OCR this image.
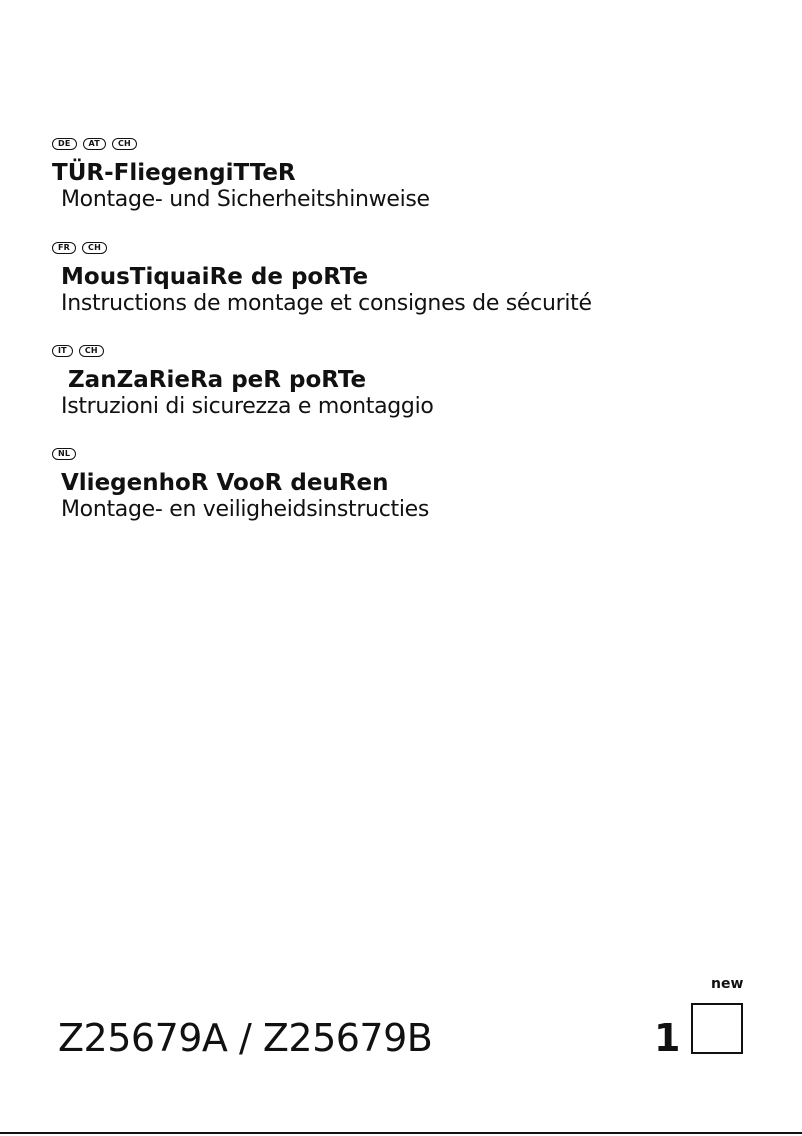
DE	AT	CH
TÜR-FliegengiTTeR
Montage- und Sicherheitshinweise
FR	CH
MousTiquaiRe de poRTe
Instructions de montage et consignes de sécurité
IT	CH
ZanZaRieRa peR poRTe
Istruzioni di sicurezza e montaggio
NL
VliegenhoR VooR deuRen
Montage- en veiligheidsinstructies
Z25679A / Z25679B
new
1
